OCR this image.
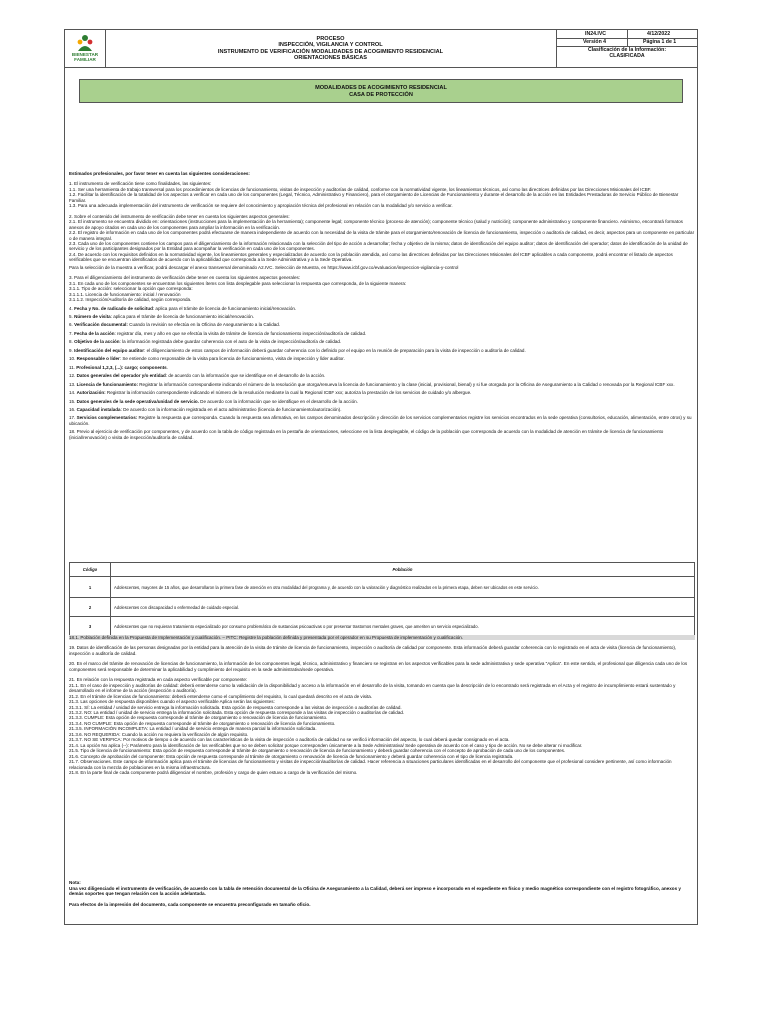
BIENESTAR FAMILIAR
PROCESO
INSPECCIÓN, VIGILANCIA Y CONTROL
INSTRUMENTO DE VERIFICACIÓN MODALIDADES DE ACOGIMIENTO RESIDENCIAL
ORIENTACIONES BÁSICAS
IN24.IVC	4/12/2022
Versión 4	Página 1 de 1
Clasificación de la Información:
CLASIFICADA
MODALIDADES DE ACOGIMIENTO RESIDENCIAL
CASA DE PROTECCIÓN

Estimados profesionales, por favor tener en cuenta las siguientes consideraciones:

1. El instrumento de verificación tiene como finalidades, las siguientes:

1.1. Ser una herramienta de trabajo transversal para los procedimientos de licencias de funcionamiento, visitas de inspección y auditorías de calidad, conforme con la normatividad vigente, los lineamientos técnicos, así como las directrices definidas por las Direcciones Misionales del ICBF.

1.2. Facilitar la identificación de la totalidad de los aspectos a verificar en cada uno de los componentes (Legal, Técnico, Administrativo y Financiero), para el otorgamiento de Licencias de Funcionamiento y durante el desarrollo de la acción en las Entidades Prestadoras de Servicio Público de Bienestar Familiar.

1.3. Para una adecuada implementación del instrumento de verificación se requiere del conocimiento y apropiación técnica del profesional en relación con la modalidad y/o servicio a verificar.

2. Sobre el contenido del instrumento de verificación debe tener en cuenta los siguientes aspectos generales:

2.1. El instrumento se encuentra dividido en: orientaciones (instrucciones para la implementación de la herramienta); componente legal; componente técnico (proceso de atención); componente técnico (salud y nutrición); componente administrativo y componente financiero. Asimismo, encontrará formatos anexos de apoyo citados en cada uno de los componentes para ampliar la información en la verificación.

2.2. El registro de información en cada uno de los componentes podrá efectuarse de manera independiente de acuerdo con la necesidad de la visita de trámite para el otorgamiento/renovación de licencia de funcionamiento, inspección o auditoría de calidad, es decir, aspectos para un componente en particular o de manera integral.

2.3. Cada uno de los componentes contiene los campos para el diligenciamiento de la información relacionada con la selección del tipo de acción a desarrollar; fecha y objetivo de la misma; datos de identificación del equipo auditor; datos de identificación del operador; datos de identificación de la unidad de servicio y de los participantes designados por la Entidad para acompañar la verificación en cada uno de los componentes.

2.4. De acuerdo con los requisitos definidos en la normatividad vigente, los lineamientos generales y especializados de acuerdo con la población atendida, así como las directrices definidas por las Direcciones Misionales del ICBF aplicables a cada componente, podrá encontrar el listado de aspectos verificables que se encuentran identificados de acuerdo con la aplicabilidad que corresponda a la Sede Administrativa y a la Sede Operativa.

Para la selección de la muestra a verificar, podrá descargar el anexo transversal denominado A2.IVC. Selección de Muestra, en https://www.icbf.gov.co/evaluacion/inspeccion-vigilancia-y-control

3. Para el diligenciamiento del instrumento de verificación debe tener en cuenta los siguientes aspectos generales:

3.1. En cada uno de los componentes se encuentran los siguientes ítems con lista desplegable para seleccionar la respuesta que corresponda, de la siguiente manera:

3.1.1. Tipo de acción: seleccionar la opción que corresponda:

3.1.1.1. Licencia de funcionamiento: inicial / renovación

3.1.1.2. Inspección/Auditoría de calidad, según corresponda.

4. Fecha y No. de radicado de solicitud: aplica para el trámite de licencia de funcionamiento inicial/renovación.

5. Número de visita: aplica para el trámite de licencia de funcionamiento inicial/renovación.

6. Verificación documental: Cuando la revisión se efectúa en la Oficina de Aseguramiento a la Calidad.

7. Fecha de la acción: registrar día, mes y año en que se efectúa la visita de trámite de licencia de funcionamiento inspección/auditoría de calidad.

8. Objetivo de la acción: la información registrada debe guardar coherencia con el auto de la visita de inspección/auditoría de calidad.

9. Identificación del equipo auditor: el diligenciamiento de estos campos de información deberá guardar coherencia con lo definido por el equipo en la reunión de preparación para la visita de inspección o auditoría de calidad.

10. Responsable o líder: Se entiende como responsable de la visita para licencia de funcionamiento, visita de inspección y líder auditor.

11. Profesional 1,2,3, (...): cargo; components.

12. Datos generales del operador y/o entidad: de acuerdo con la información que se identifique en el desarrollo de la acción.

13. Licencia de funcionamiento: Registrar la información correspondiente indicando el número de la resolución que otorga/renueva la licencia de funcionamiento y la clase (inicial, provisional, bienal) y si fue otorgada por la Oficina de Aseguramiento a la Calidad o renovada por la Regional ICBF xxx.

14. Autorización: Registrar la información correspondiente indicando el número de la resolución mediante la cual la Regional ICBF xxx; autoriza la prestación de los servicios de cuidado y/o albergue.

15. Datos generales de la sede operativa/unidad de servicio. De acuerdo con la información que se identifique en el desarrollo de la acción.

16. Capacidad instalada: De acuerdo con la información registrada en el acto administrativo (licencia de funcionamiento/autorización).

17. Servicios complementarios: Registre la respuesta que corresponda. Cuando la respuesta sea afirmativa, en los campos denominados descripción y dirección de los servicios complementarios registre los servicios encontrados en la sede operativa (consultorios, educación, alimentación, entre otros) y su ubicación.

18. Previo al ejercicio de verificación por componentes, y de acuerdo con la tabla de código registrada en la pestaña de orientaciones, seleccione en la lista desplegable, el código de la población que corresponda de acuerdo con la modalidad de atención en trámite de licencia de funcionamiento (inicial/renovación) o visita de inspección/auditoría de calidad.

Código	Población
1	Adolescentes, mayores de 15 años, que desarrollaron la primera fase de atención en otra modalidad del programa y, de acuerdo con la valoración y diagnóstico realizados en la primera etapa, deben ser ubicados en este servicio.
2	Adolescentes con discapacidad o enfermedad de cuidado especial.
3	Adolescentes que no requieran tratamiento especializado por consumo problemático de sustancias psicoactivas o por presentar trastornos mentales graves, que ameriten un servicio especializado.

18.1. Población definida en la Propuesta de Implementación y cualificación. – PITC: Registre la población definida y presentada por el operador en su Propuesta de implementación y cualificación.

19. Datos de identificación de las personas designadas por la entidad para la atención de la visita de trámite de licencia de funcionamiento, inspección o auditoría de calidad por componente. Esta información deberá guardar coherencia con lo registrado en el acta de visita (licencia de funcionamiento), inspección o auditoría de calidad.

20. En el marco del trámite de renovación de licencias de funcionamiento, la información de los componentes legal, técnico, administrativo y financiero se registran en los aspectos verificables para la sede administrativa y sede operativa "Aplica". En este sentido, el profesional que diligencia cada uno de los componentes será responsable de determinar la aplicabilidad y cumplimiento del requisito en la sede administrativa/sede operativa.

21. En relación con la respuesta registrada en cada aspecto verificable por componente:

21.1. En el caso de inspección y auditorías de calidad: deberá entenderse como la validación de la disponibilidad y acceso a la información en el desarrollo de la visita, tomando en cuenta que la descripción de lo encontrado será registrada en el Acta y el registro de incumplimiento estará sustentado y desarrollado en el informe de la acción (inspección o auditoría).

21.2. En el trámite de licencias de funcionamiento: deberá entenderse como el cumplimiento del requisito, lo cual quedará descrito en el acta de visita.

21.3. Las opciones de respuesta disponibles cuando el aspecto verificable Aplica serán las siguientes:

21.3.1. SÍ: La entidad / unidad de servicio entrega la información solicitada. Esta opción de respuesta corresponde a las visitas de inspección o auditorías de calidad.

21.3.2. NO: La entidad / unidad de servicio entrega la información solicitada. Esta opción de respuesta corresponde a las visitas de inspección o auditorías de calidad.

21.3.3. CUMPLE: Esta opción de respuesta corresponde al trámite de otorgamiento o renovación de licencia de funcionamiento.

21.3.4. NO CUMPLE: Esta opción de respuesta corresponde al trámite de otorgamiento o renovación de licencia de funcionamiento.

21.3.5. INFORMACIÓN INCOMPLETA: La entidad / unidad de servicio entrega de manera parcial la información solicitada.

21.3.6. NO REQUERIDA: Cuando la acción no requiera la verificación de algún requisito.

21.3.7. NO SE VERIFICA: Por motivos de tiempo o de acuerdo con las características de la visita de inspección o auditoría de calidad no se verificó información del aspecto, lo cual deberá quedar consignado en el acta.

21.4. La opción No aplica (--): Parámetro para la identificación de los verificables que no se deben solicitar porque corresponden únicamente a la Sede Administrativa/ Sede operativa de acuerdo con el caso y tipo de acción. No se debe alterar ni modificar.

21.5. Tipo de licencia de funcionamiento: Esta opción de respuesta corresponde al trámite de otorgamiento o renovación de licencia de funcionamiento y deberá guardar coherencia con el concepto de aprobación de cada uno de los componentes.

21.6. Concepto de aprobación del componente: Esta opción de respuesta corresponde al trámite de otorgamiento o renovación de licencia de funcionamiento y deberá guardar coherencia con el tipo de licencia registrada.

21.7. Observaciones. Este campo de información aplica para el trámite de licencias de funcionamiento y visitas de inspección/auditorías de calidad. Hacer referencia a situaciones particulares identificadas en el desarrollo del componente que el profesional considere pertinente, así como información relacionada con la mezcla de poblaciones en la misma infraestructura.

21.8. En la parte final de cada componente podrá diligenciar el nombre, profesión y cargo de quien estuvo a cargo de la verificación del mismo.

Nota:

Una vez diligenciado el instrumento de verificación, de acuerdo con la tabla de retención documental de la Oficina de Aseguramiento a la Calidad, deberá ser impreso e incorporado en el expediente en físico y medio magnético correspondiente con el registro fotográfico, anexos y demás soportes que tengan relación con la acción adelantada.

Para efectos de la impresión del documento, cada componente se encuentra preconfigurado en tamaño oficio.
